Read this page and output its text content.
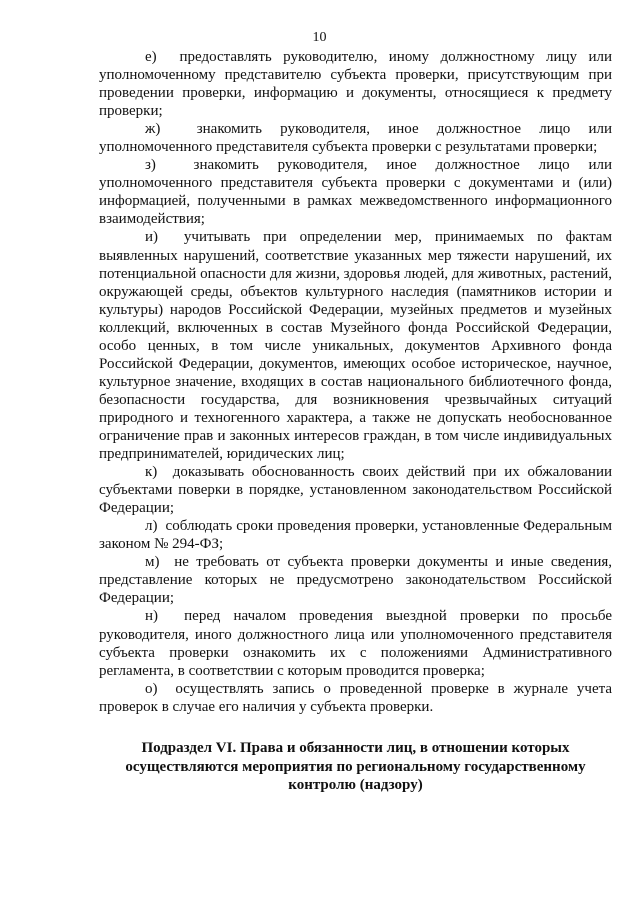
10

е) предоставлять руководителю, иному должностному лицу или уполномоченному представителю субъекта проверки, присутствующим при проведении проверки, информацию и документы, относящиеся к предмету проверки;

ж) знакомить руководителя, иное должностное лицо или уполномоченного представителя субъекта проверки с результатами проверки;

з)	знакомить руководителя, иное должностное лицо или уполномоченного представителя субъекта проверки с документами и (или) информацией, полученными в рамках межведомственного информационного взаимодействия;

и) учитывать при определении мер, принимаемых по фактам выявленных нарушений, соответствие указанных мер тяжести нарушений, их потенциальной опасности для жизни, здоровья людей, для животных, растений, окружающей среды, объектов культурного наследия (памятников истории и культуры) народов Российской Федерации, музейных предметов и музейных коллекций, включенных в состав Музейного фонда Российской Федерации, особо ценных, в том числе уникальных, документов Архивного фонда Российской Федерации, документов, имеющих особое историческое, научное, культурное значение, входящих в состав национального библиотечного фонда, безопасности государства, для возникновения чрезвычайных ситуаций природного и техногенного характера, а также не допускать необоснованное ограничение прав и законных интересов граждан, в том числе индивидуальных предпринимателей, юридических лиц;

к) доказывать обоснованность своих действий при их обжаловании субъектами поверки в порядке, установленном законодательством Российской Федерации;

л) соблюдать сроки проведения проверки, установленные Федеральным законом № 294-ФЗ;

м) не требовать от субъекта проверки документы и иные сведения, представление которых не предусмотрено законодательством Российской Федерации;

н) перед началом проведения выездной проверки по просьбе руководителя, иного должностного лица или уполномоченного представителя субъекта проверки ознакомить их с положениями Административного регламента, в соответствии с которым проводится проверка;

о) осуществлять запись о проведенной проверке в журнале учета проверок в случае его наличия у субъекта проверки.

Подраздел VI. Права и обязанности лиц, в отношении которых осуществляются мероприятия по региональному государственному контролю (надзору)
